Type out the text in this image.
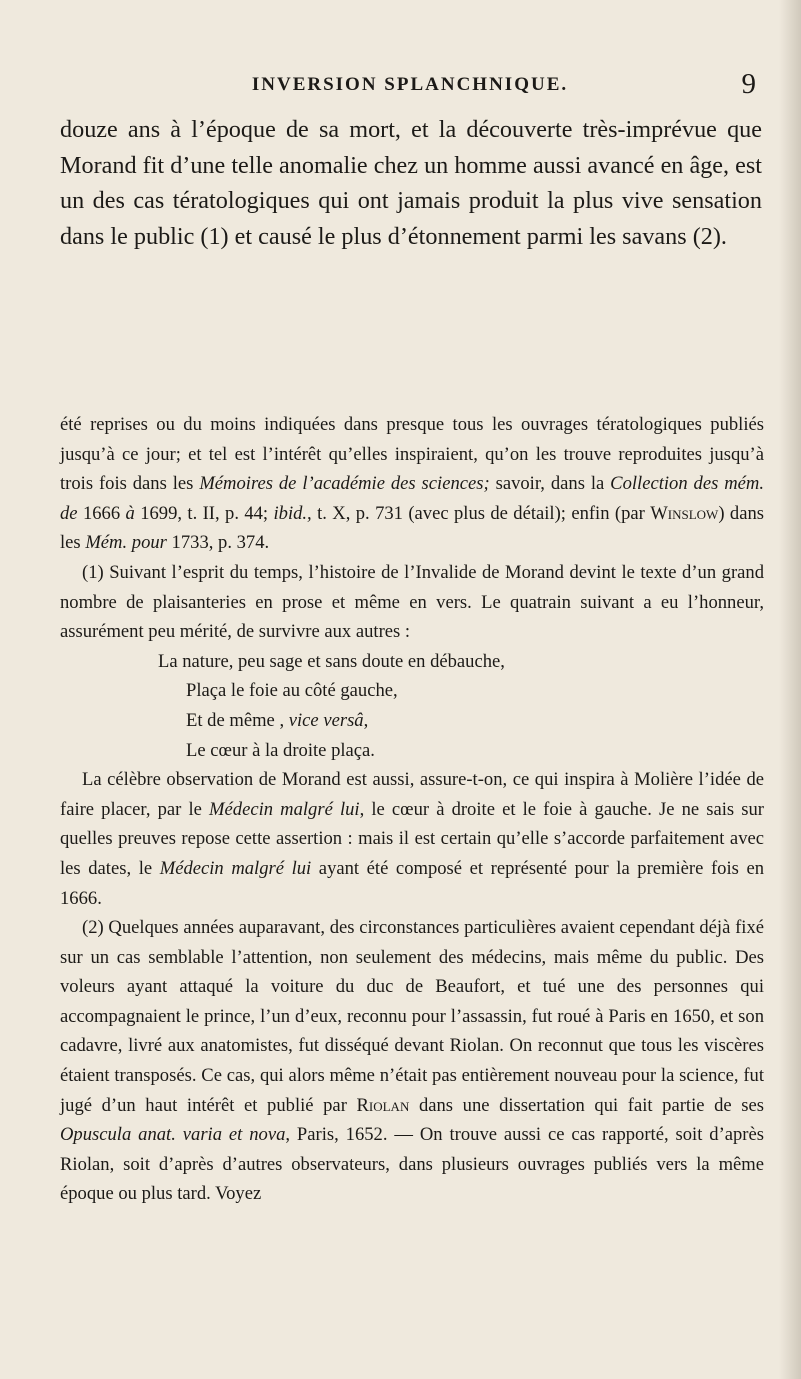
INVERSION SPLANCHNIQUE.	9

douze ans à l’époque de sa mort, et la découverte très-imprévue que Morand fit d’une telle anomalie chez un homme aussi avancé en âge, est un des cas tératologiques qui ont jamais produit la plus vive sensation dans le public (1) et causé le plus d’étonnement parmi les savans (2).

été reprises ou du moins indiquées dans presque tous les ouvrages tératologiques publiés jusqu’à ce jour; et tel est l’intérêt qu’elles inspiraient, qu’on les trouve reproduites jusqu’à trois fois dans les Mémoires de l’académie des sciences; savoir, dans la Collection des mém. de 1666 à 1699, t. II, p. 44; ibid., t. X, p. 731 (avec plus de détail); enfin (par Winslow) dans les Mém. pour 1733, p. 374.

(1) Suivant l’esprit du temps, l’histoire de l’Invalide de Morand devint le texte d’un grand nombre de plaisanteries en prose et même en vers. Le quatrain suivant a eu l’honneur, assurément peu mérité, de survivre aux autres :

La nature, peu sage et sans doute en débauche,
Plaça le foie au côté gauche,
Et de même , vice versâ,
Le cœur à la droite plaça.

La célèbre observation de Morand est aussi, assure-t-on, ce qui inspira à Molière l’idée de faire placer, par le Médecin malgré lui, le cœur à droite et le foie à gauche. Je ne sais sur quelles preuves repose cette assertion : mais il est certain qu’elle s’accorde parfaitement avec les dates, le Médecin malgré lui ayant été composé et représenté pour la première fois en 1666.

(2) Quelques années auparavant, des circonstances particulières avaient cependant déjà fixé sur un cas semblable l’attention, non seulement des médecins, mais même du public. Des voleurs ayant attaqué la voiture du duc de Beaufort, et tué une des personnes qui accompagnaient le prince, l’un d’eux, reconnu pour l’assassin, fut roué à Paris en 1650, et son cadavre, livré aux anatomistes, fut disséqué devant Riolan. On reconnut que tous les viscères étaient transposés. Ce cas, qui alors même n’était pas entièrement nouveau pour la science, fut jugé d’un haut intérêt et publié par Riolan dans une dissertation qui fait partie de ses Opuscula anat. varia et nova, Paris, 1652. — On trouve aussi ce cas rapporté, soit d’après Riolan, soit d’après d’autres observateurs, dans plusieurs ouvrages publiés vers la même époque ou plus tard. Voyez
